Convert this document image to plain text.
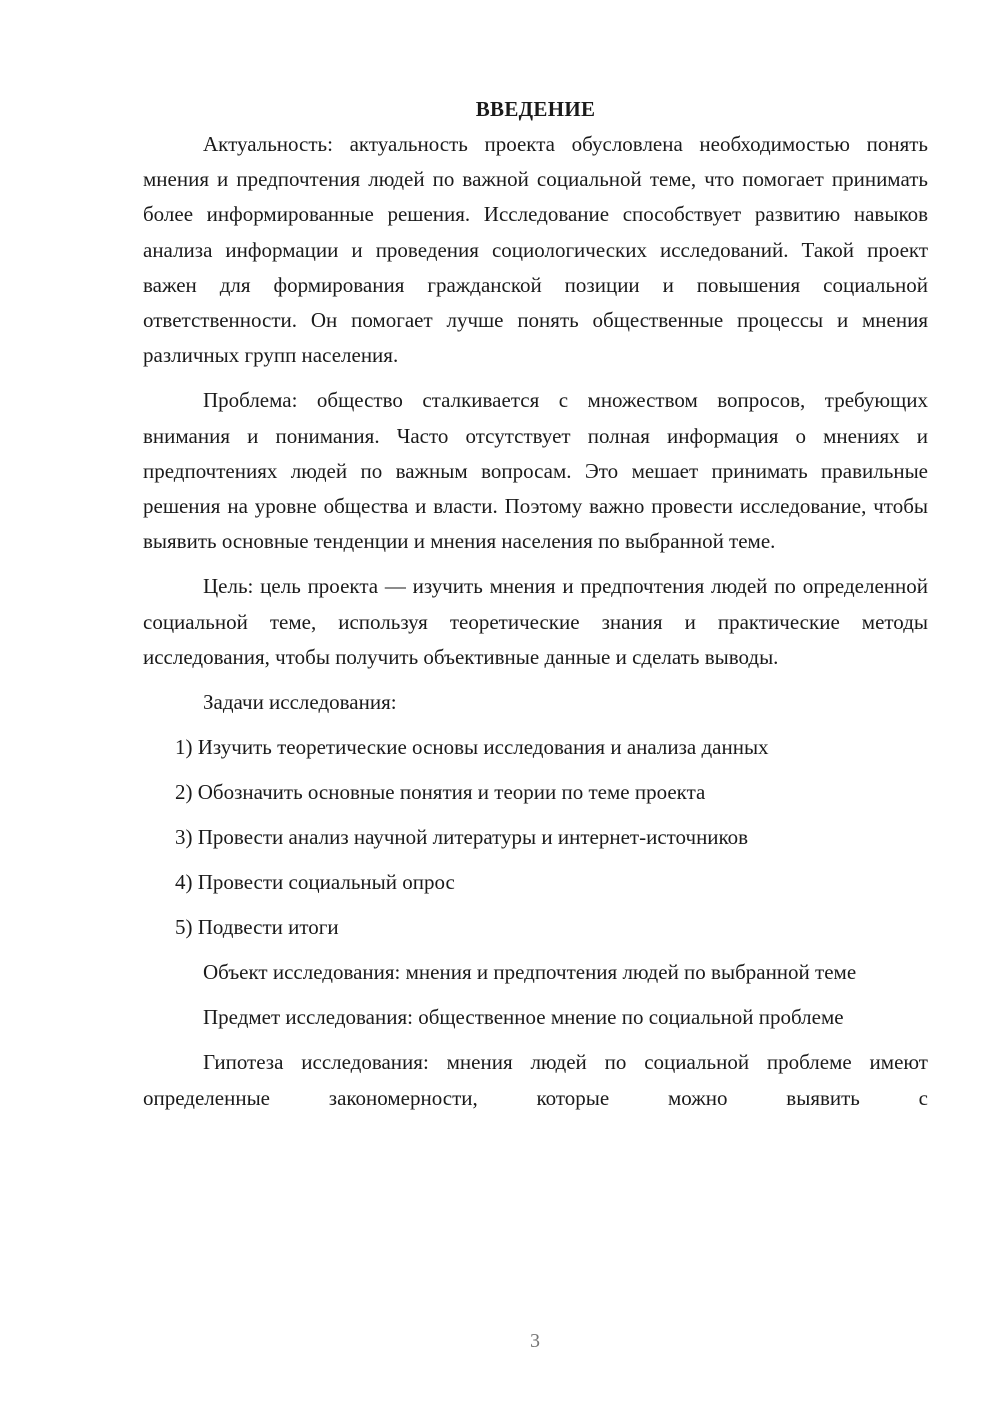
ВВЕДЕНИЕ

Актуальность: актуальность проекта обусловлена необходимостью понять мнения и предпочтения людей по важной социальной теме, что помогает принимать более информированные решения. Исследование способствует развитию навыков анализа информации и проведения социологических исследований. Такой проект важен для формирования гражданской позиции и повышения социальной ответственности. Он помогает лучше понять общественные процессы и мнения различных групп населения.

Проблема: общество сталкивается с множеством вопросов, требующих внимания и понимания. Часто отсутствует полная информация о мнениях и предпочтениях людей по важным вопросам. Это мешает принимать правильные решения на уровне общества и власти. Поэтому важно провести исследование, чтобы выявить основные тенденции и мнения населения по выбранной теме.

Цель: цель проекта — изучить мнения и предпочтения людей по определенной социальной теме, используя теоретические знания и практические методы исследования, чтобы получить объективные данные и сделать выводы.

Задачи исследования:

1) Изучить теоретические основы исследования и анализа данных

2) Обозначить основные понятия и теории по теме проекта

3) Провести анализ научной литературы и интернет-источников

4) Провести социальный опрос

5) Подвести итоги

Объект исследования: мнения и предпочтения людей по выбранной теме

Предмет исследования: общественное мнение по социальной проблеме

Гипотеза исследования: мнения людей по социальной проблеме имеют определенные закономерности, которые можно выявить с

3
